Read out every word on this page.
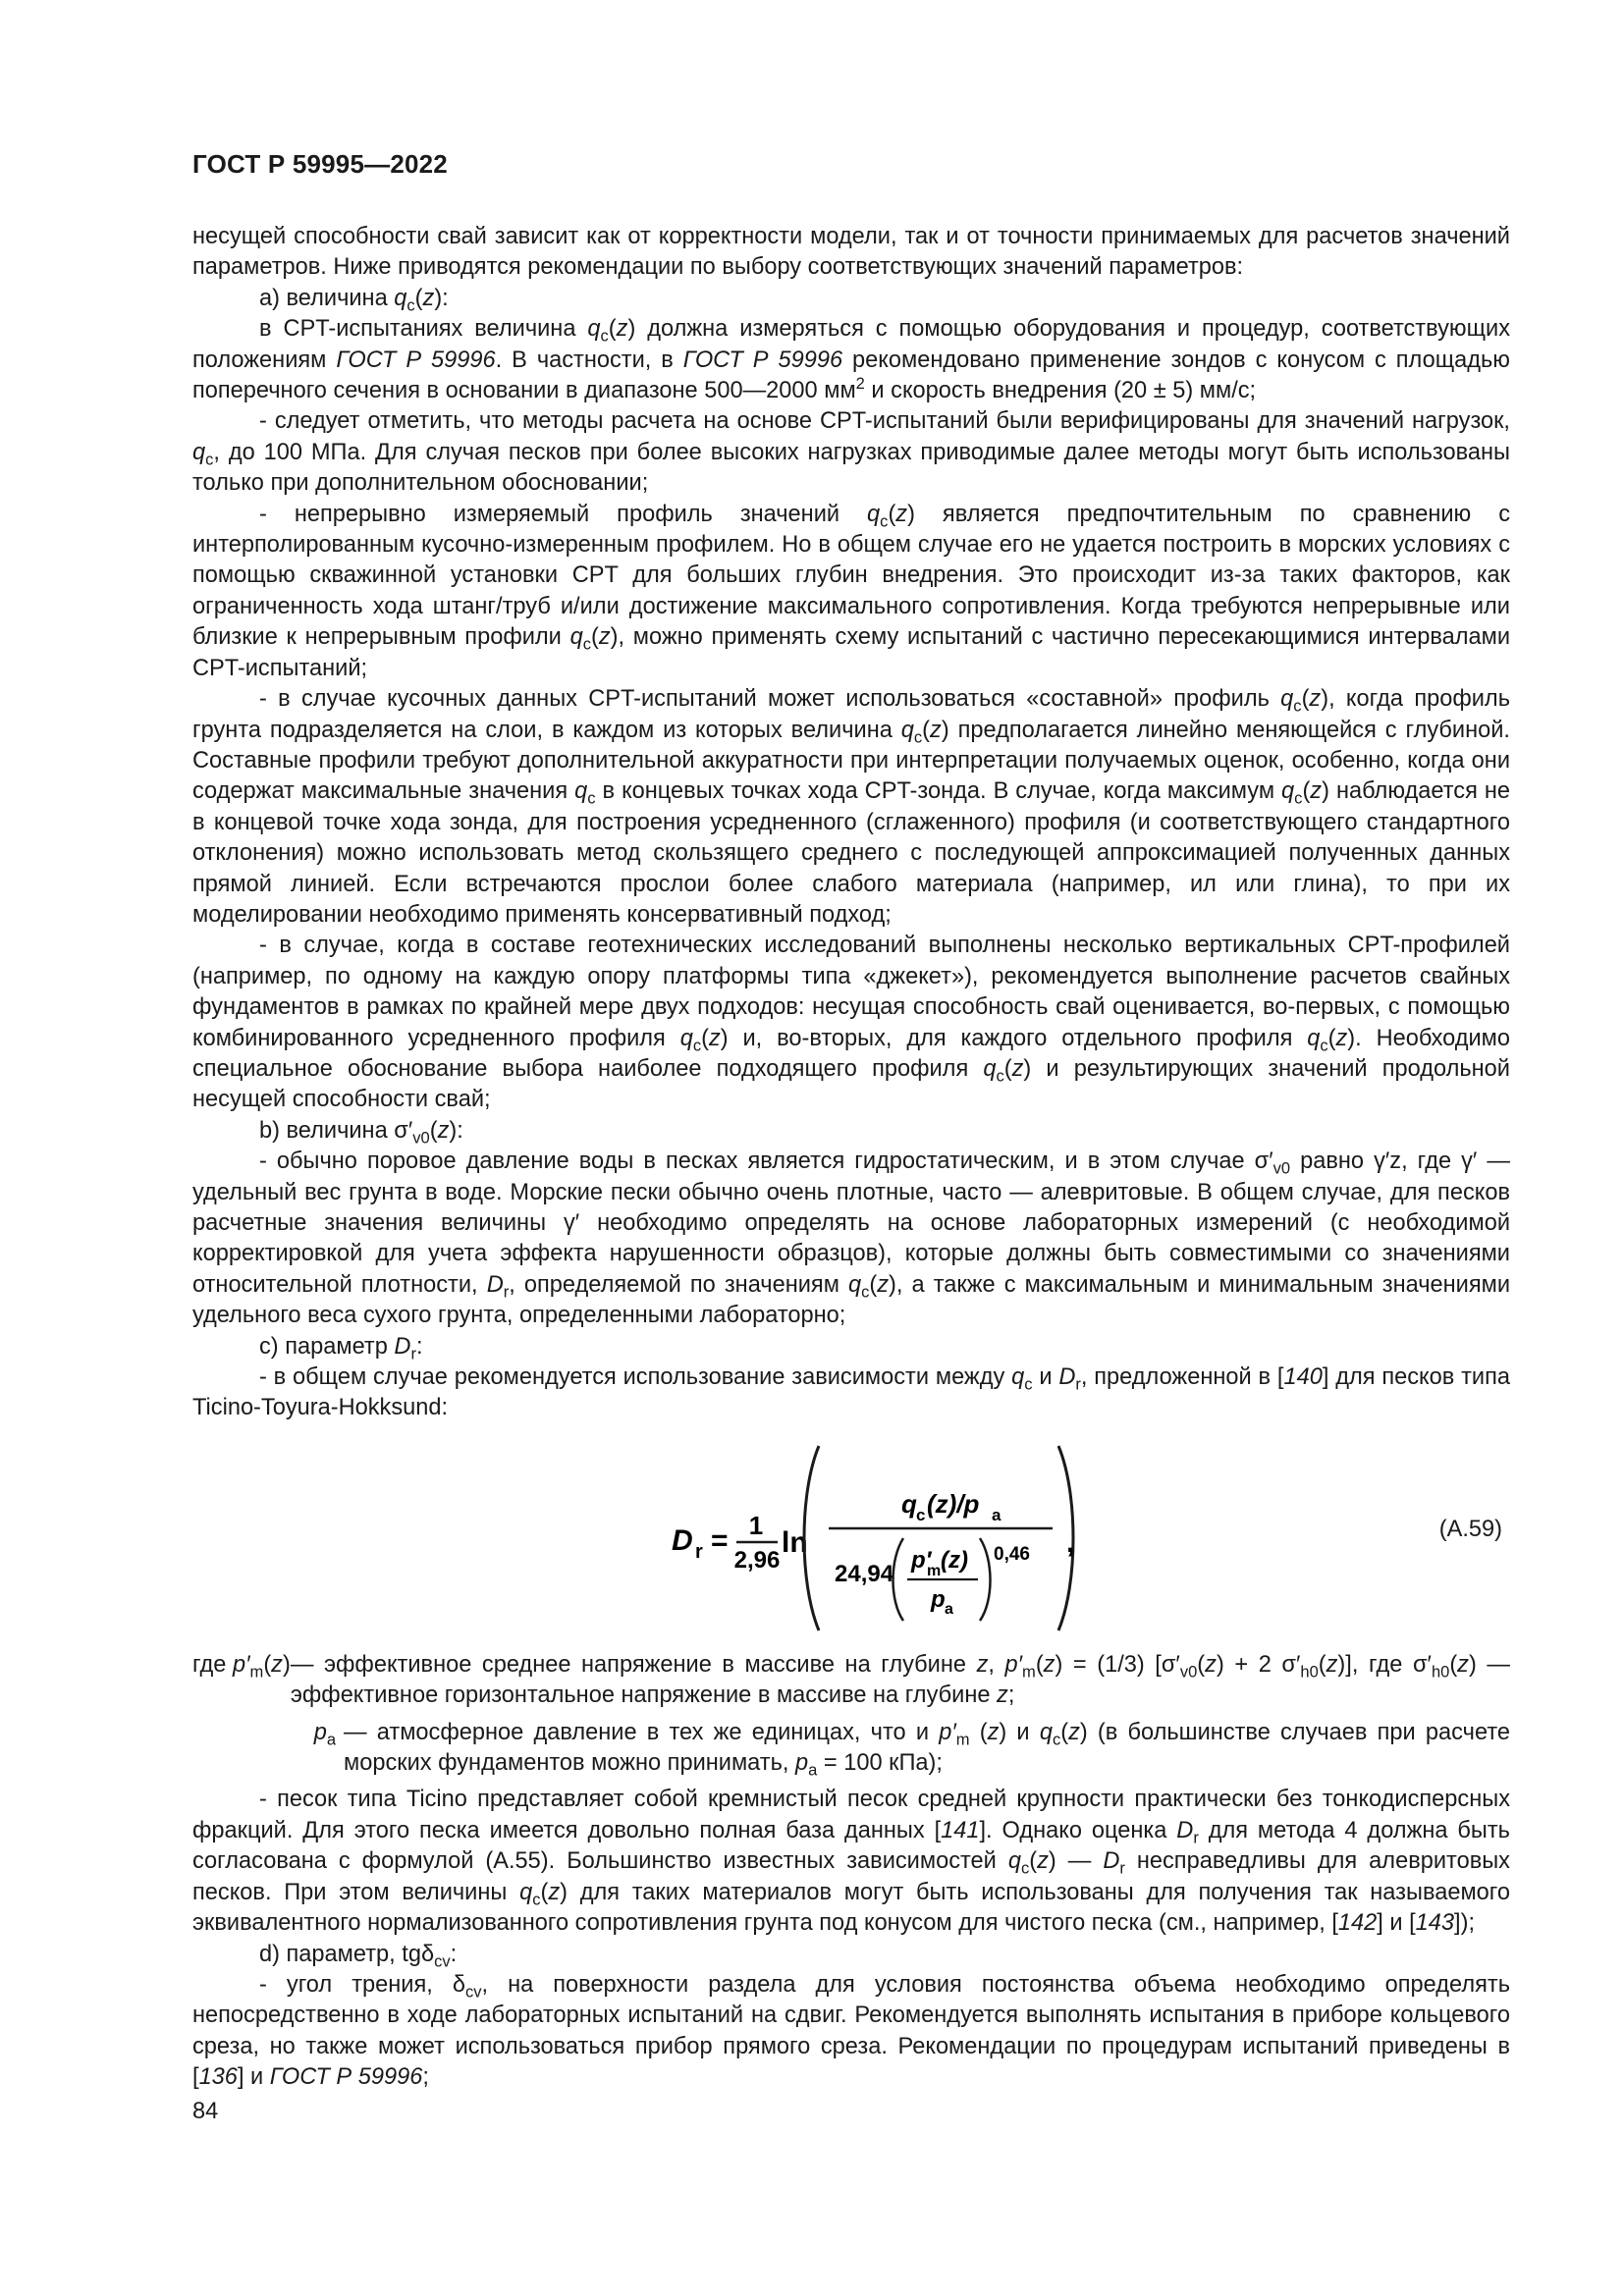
ГОСТ Р 59995—2022

несущей способности свай зависит как от корректности модели, так и от точности принимаемых для расчетов значений параметров. Ниже приводятся рекомендации по выбору соответствующих значений параметров:

а) величина $q_c(z)$:

в CPT-испытаниях величина $q_c(z)$ должна измеряться с помощью оборудования и процедур, соответствующих положениям ГОСТ Р 59996. В частности, в ГОСТ Р 59996 рекомендовано применение зондов с конусом с площадью поперечного сечения в основании в диапазоне 500—2000 $мм^2$ и скорость внедрения (20 ± 5) мм/с;

- следует отметить, что методы расчета на основе CPT-испытаний были верифицированы для значений нагрузок, $q_c$, до 100 МПа. Для случая песков при более высоких нагрузках приводимые далее методы могут быть использованы только при дополнительном обосновании;

- непрерывно измеряемый профиль значений $q_c(z)$ является предпочтительным по сравнению с интерполированным кусочно-измеренным профилем. Но в общем случае его не удается построить в морских условиях с помощью скважинной установки CPT для больших глубин внедрения. Это происходит из-за таких факторов, как ограниченность хода штанг/труб и/или достижение максимального сопротивления. Когда требуются непрерывные или близкие к непрерывным профили $q_c(z)$, можно применять схему испытаний с частично пересекающимися интервалами CPT-испытаний;

- в случае кусочных данных CPT-испытаний может использоваться «составной» профиль $q_c(z)$, когда профиль грунта подразделяется на слои, в каждом из которых величина $q_c(z)$ предполагается линейно меняющейся с глубиной. Составные профили требуют дополнительной аккуратности при интерпретации получаемых оценок, особенно, когда они содержат максимальные значения $q_c$ в концевых точках хода CPT-зонда. В случае, когда максимум $q_c(z)$ наблюдается не в концевой точке хода зонда, для построения усредненного (сглаженного) профиля (и соответствующего стандартного отклонения) можно использовать метод скользящего среднего с последующей аппроксимацией полученных данных прямой линией. Если встречаются прослои более слабого материала (например, ил или глина), то при их моделировании необходимо применять консервативный подход;

- в случае, когда в составе геотехнических исследований выполнены несколько вертикальных CPT-профилей (например, по одному на каждую опору платформы типа «джекет»), рекомендуется выполнение расчетов свайных фундаментов в рамках по крайней мере двух подходов: несущая способность свай оценивается, во-первых, с помощью комбинированного усредненного профиля $q_c(z)$ и, во-вторых, для каждого отдельного профиля $q_c(z)$. Необходимо специальное обоснование выбора наиболее подходящего профиля $q_c(z)$ и результирующих значений продольной несущей способности свай;

b) величина $\sigma'_{v0}(z)$:

- обычно поровое давление воды в песках является гидростатическим, и в этом случае $\sigma'_{v0}$ равно γ′z, где γ′ — удельный вес грунта в воде. Морские пески обычно очень плотные, часто — алевритовые. В общем случае, для песков расчетные значения величины γ′ необходимо определять на основе лабораторных измерений (с необходимой корректировкой для учета эффекта нарушенности образцов), которые должны быть совместимыми со значениями относительной плотности, $D_r$, определяемой по значениям $q_c(z)$, а также с максимальным и минимальным значениями удельного веса сухого грунта, определенными лабораторно;

c) параметр $D_r$:

- в общем случае рекомендуется использование зависимости между $q_c$ и $D_r$, предложенной в [140] для песков типа Ticino-Toyura-Hokksund:

D r = 1
2,96
ln
q c (z)/p a
24,94
p′
m (z)
p a
0,46 ,	(А.59)
где $p'_m(z)$ — эффективное среднее напряжение в массиве на глубине z, $p'_m(z) = (1/3) [\sigma'_{v0}(z) + 2$ $\sigma'_{h0}(z)$], где $\sigma'_{h0}(z)$ — эффективное горизонтальное напряжение в массиве на глубине z;
$p_a$ — атмосферное давление в тех же единицах, что и $p'_m$ (z) и $q_c(z)$ (в большинстве случаев при расчете морских фундаментов можно принимать, $p_a = 100$ кПа);

- песок типа Ticino представляет собой кремнистый песок средней крупности практически без тонкодисперсных фракций. Для этого песка имеется довольно полная база данных [141]. Однако оценка $D_r$ для метода 4 должна быть согласована с формулой (А.55). Большинство известных зависимостей $q_c(z)$ — $D_r$ несправедливы для алевритовых песков. При этом величины $q_c(z)$ для таких материалов могут быть использованы для получения так называемого эквивалентного нормализованного сопротивления грунта под конусом для чистого песка (см., например, [142] и [143]);

d) параметр, tgδ$_{cv}$:

- угол трения, $\delta_{cv}$, на поверхности раздела для условия постоянства объема необходимо определять непосредственно в ходе лабораторных испытаний на сдвиг. Рекомендуется выполнять испытания в приборе кольцевого среза, но также может использоваться прибор прямого среза. Рекомендации по процедурам испытаний приведены в [136] и ГОСТ Р 59996;

84
